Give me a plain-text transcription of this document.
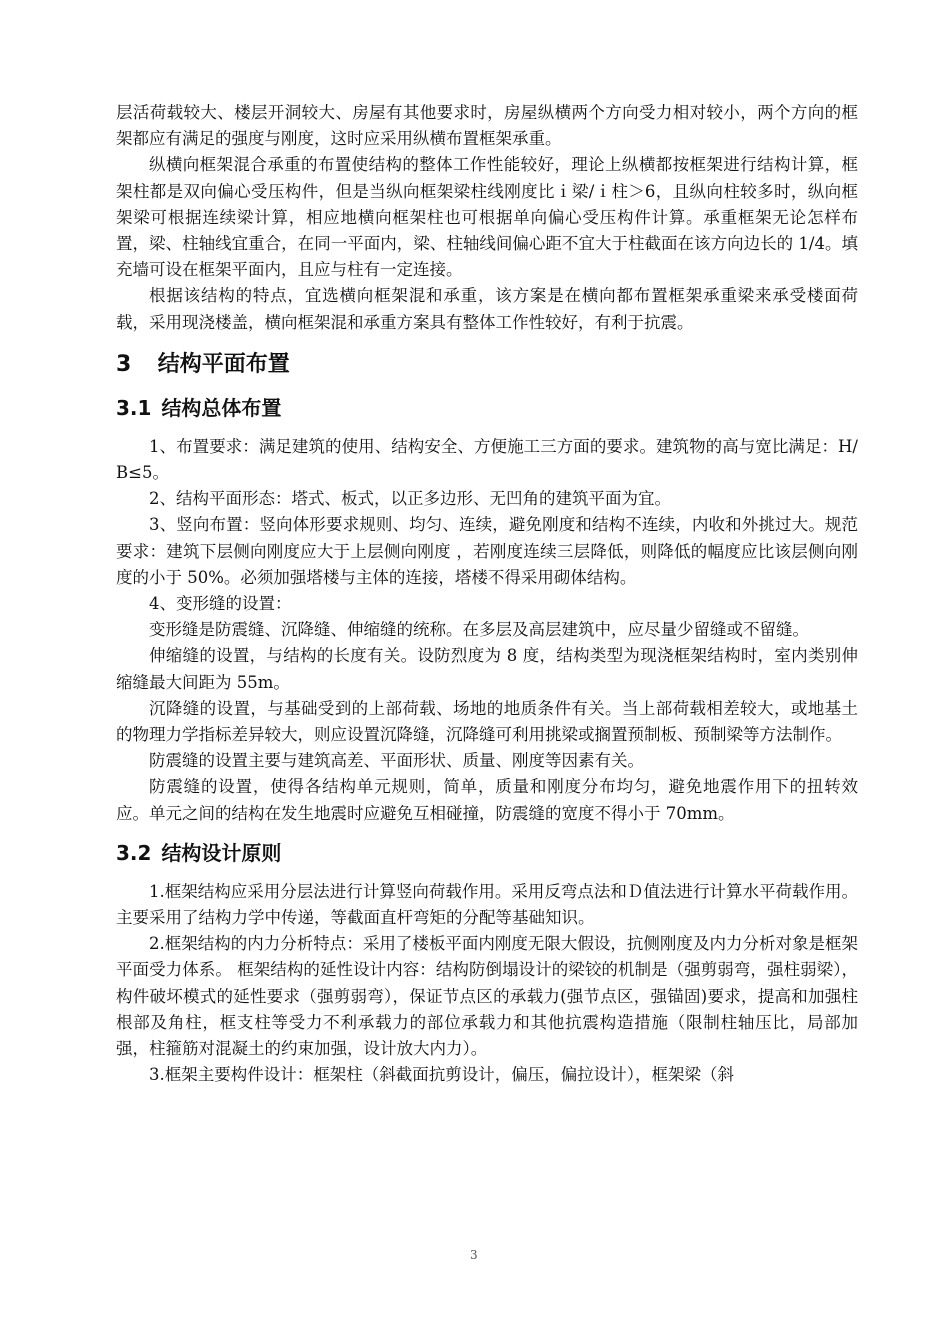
层活荷载较大、楼层开洞较大、房屋有其他要求时，房屋纵横两个方向受力相对较小，两个方向的框架都应有满足的强度与刚度，这时应采用纵横布置框架承重。

纵横向框架混合承重的布置使结构的整体工作性能较好，理论上纵横都按框架进行结构计算，框架柱都是双向偏心受压构件，但是当纵向框架梁柱线刚度比ｉ梁/ｉ柱＞6，且纵向柱较多时，纵向框架梁可根据连续梁计算，相应地横向框架柱也可根据单向偏心受压构件计算。承重框架无论怎样布置，梁、柱轴线宜重合，在同一平面内，梁、柱轴线间偏心距不宜大于柱截面在该方向边长的 1/4。填充墙可设在框架平面内，且应与柱有一定连接。

根据该结构的特点，宜选横向框架混和承重，该方案是在横向都布置框架承重梁来承受楼面荷载，采用现浇楼盖，横向框架混和承重方案具有整体工作性较好，有利于抗震。

3 结构平面布置
3.1 结构总体布置

1、布置要求：满足建筑的使用、结构安全、方便施工三方面的要求。建筑物的高与宽比满足：H/B≤5。

2、结构平面形态：塔式、板式，以正多边形、无凹角的建筑平面为宜。

3、竖向布置：竖向体形要求规则、均匀、连续，避免刚度和结构不连续，内收和外挑过大。规范要求：建筑下层侧向刚度应大于上层侧向刚度 ，若刚度连续三层降低，则降低的幅度应比该层侧向刚度的小于 50%。必须加强塔楼与主体的连接，塔楼不得采用砌体结构。

4、变形缝的设置：

变形缝是防震缝、沉降缝、伸缩缝的统称。在多层及高层建筑中，应尽量少留缝或不留缝。

伸缩缝的设置，与结构的长度有关。设防烈度为 8 度，结构类型为现浇框架结构时，室内类别伸缩缝最大间距为 55m。

沉降缝的设置，与基础受到的上部荷载、场地的地质条件有关。当上部荷载相差较大，或地基土的物理力学指标差异较大，则应设置沉降缝，沉降缝可利用挑梁或搁置预制板、预制梁等方法制作。

防震缝的设置主要与建筑高差、平面形状、质量、刚度等因素有关。

防震缝的设置，使得各结构单元规则，简单，质量和刚度分布均匀，避免地震作用下的扭转效应。单元之间的结构在发生地震时应避免互相碰撞，防震缝的宽度不得小于 70mm。

3.2 结构设计原则

1.框架结构应采用分层法进行计算竖向荷载作用。采用反弯点法和Ｄ值法进行计算水平荷载作用。主要采用了结构力学中传递，等截面直杆弯矩的分配等基础知识。

2.框架结构的内力分析特点：采用了楼板平面内刚度无限大假设，抗侧刚度及内力分析对象是框架平面受力体系。 框架结构的延性设计内容：结构防倒塌设计的梁铰的机制是（强剪弱弯，强柱弱梁），构件破坏模式的延性要求（强剪弱弯），保证节点区的承载力(强节点区，强锚固)要求，提高和加强柱根部及角柱，框支柱等受力不利承载力的部位承载力和其他抗震构造措施（限制柱轴压比，局部加强，柱箍筋对混凝土的约束加强，设计放大内力）。

3.框架主要构件设计：框架柱（斜截面抗剪设计，偏压，偏拉设计），框架梁（斜

3
